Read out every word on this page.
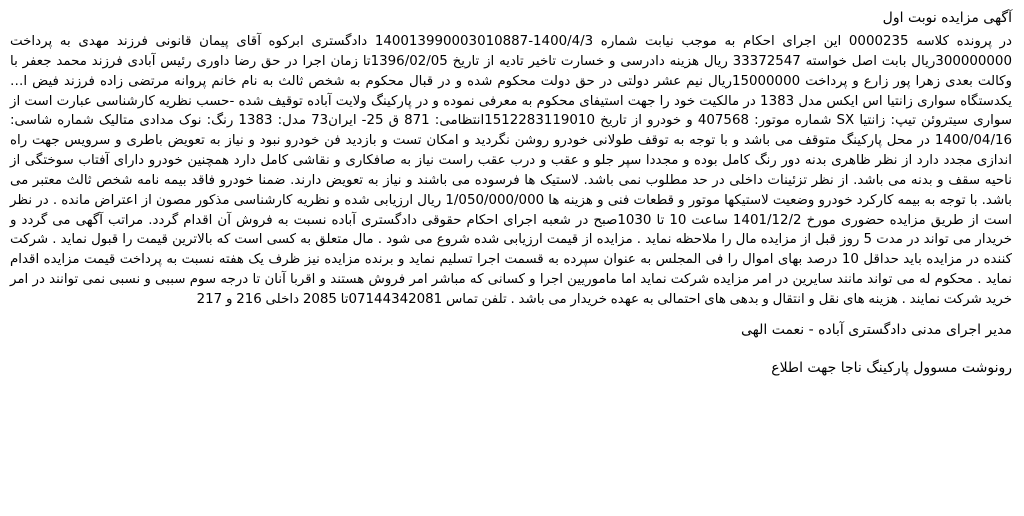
آگهی مزایده نوبت اول
در پرونده کلاسه 0000235 این اجرای احکام به موجب نیابت شماره 1400/4/3-140013990003010887 دادگستری ابرکوه آقای پیمان قانونی فرزند مهدی به پرداخت 300000000ریال بابت اصل خواسته 33372547 ریال هزینه دادرسی و خسارت تاخیر تادیه از تاریخ 1396/02/05تا زمان اجرا در حق رضا داوری رئیس آبادی فرزند محمد جعفر با وکالت بعدی زهرا پور زارع و پرداخت 15000000ریال نیم عشر دولتی در حق دولت محکوم شده و در قبال محکوم به شخص ثالث به نام خانم پروانه مرتضی زاده فرزند فیض ا… یکدستگاه سواری زانتیا اس ایکس مدل 1383 در مالکیت خود را جهت استیفای محکوم به معرفی نموده و در پارکینگ ولایت آباده توقیف شده -حسب نظریه کارشناسی عبارت است از سواری سیتروئن تیپ: زانتیا SX شماره موتور: 407568 و خودرو از تاریخ 1512283119010انتظامی: 871 ق 25- ایران73 مدل: 1383 رنگ: نوک مدادی متالیک شماره شاسی: 1400/04/16 در محل پارکینگ متوقف می باشد و با توجه به توقف طولانی خودرو روشن نگردید و امکان تست و بازدید فن خودرو نبود و نیاز به تعویض باطری و سرویس جهت راه اندازی مجدد دارد از نظر ظاهری بدنه دور رنگ کامل بوده و مجددا سپر جلو و عقب و درب عقب راست نیاز به صافکاری و نقاشی کامل دارد همچنین خودرو دارای آفتاب سوختگی از ناحیه سقف و بدنه می باشد. از نظر تزئینات داخلی در حد مطلوب نمی باشد. لاستیک ها فرسوده می باشند و نیاز به تعویض دارند. ضمنا خودرو فاقد بیمه نامه شخص ثالث معتبر می باشد. با توجه به بیمه کارکرد خودرو وضعیت لاستیکها موتور و قطعات فنی و هزینه ها 1/050/000/000 ریال ارزیابی شده و نظریه کارشناسی مذکور مصون از اعتراض مانده . در نظر است از طریق مزایده حضوری مورخ 1401/12/2 ساعت 10 تا 1030صبح در شعبه اجرای احکام حقوقی دادگستری آباده نسبت به فروش آن اقدام گردد. مراتب آگهی می گردد و خریدار می تواند در مدت 5 روز قبل از مزایده مال را ملاحظه نماید . مزایده از قیمت ارزیابی شده شروع می شود . مال متعلق به کسی است که بالاترین قیمت را قبول نماید . شرکت کننده در مزایده باید حداقل 10 درصد بهای اموال را فی المجلس به عنوان سپرده به قسمت اجرا تسلیم نماید و برنده مزایده نیز ظرف یک هفته نسبت به پرداخت قیمت مزایده اقدام نماید . محکوم له می تواند مانند سایرین در امر مزایده شرکت نماید اما ماموریین اجرا و کسانی که مباشر امر فروش هستند و اقربا آنان تا درجه سوم سببی و نسبی نمی توانند در امر خرید شرکت نمایند . هزینه های نقل و انتقال و بدهی های احتمالی به عهده خریدار می باشد . تلفن تماس 07144342081تا 2085 داخلی 216 و 217
مدیر اجرای مدنی دادگستری آباده - نعمت الهی
رونوشت مسوول پارکینگ ناجا جهت اطلاع
